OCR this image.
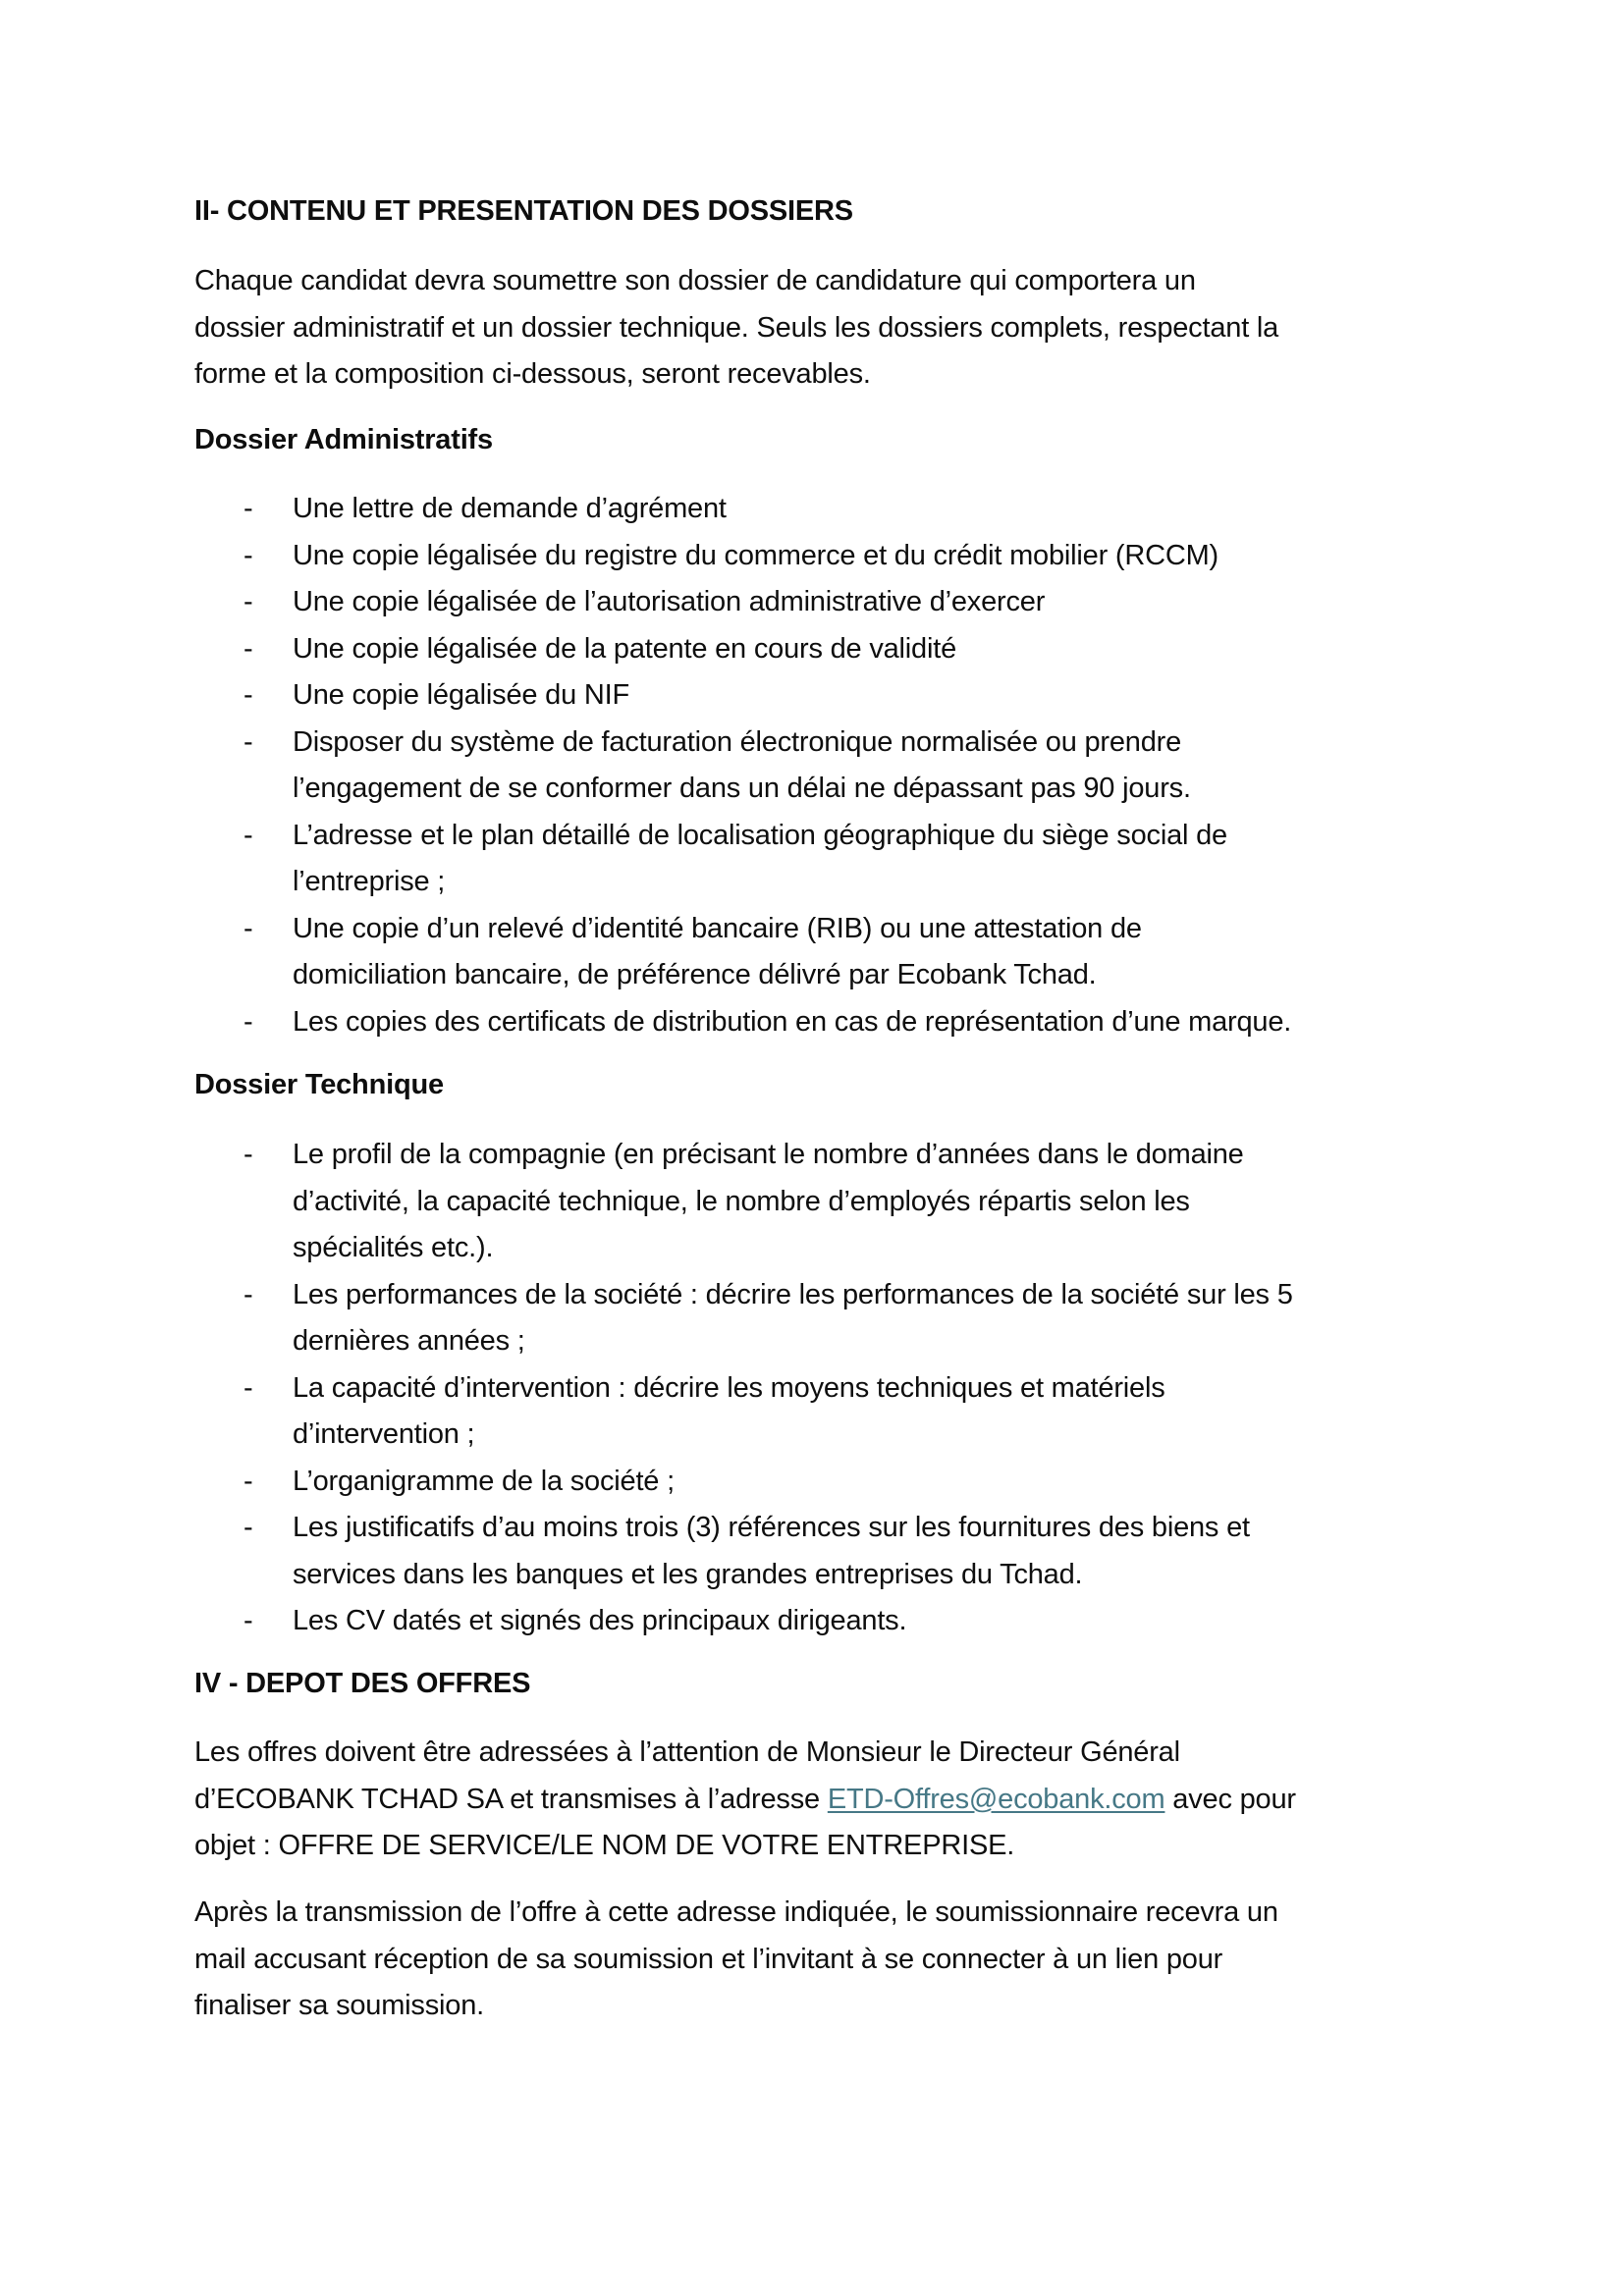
II- CONTENU ET PRESENTATION DES DOSSIERS
Chaque candidat devra soumettre son dossier de candidature qui comportera un
dossier administratif et un dossier technique. Seuls les dossiers complets, respectant la
forme et la composition ci-dessous, seront recevables.
Dossier Administratifs
- Une lettre de demande d’agrément
- Une copie légalisée du registre du commerce et du crédit mobilier (RCCM)
- Une copie légalisée de l’autorisation administrative d’exercer
- Une copie légalisée de la patente en cours de validité
- Une copie légalisée du NIF
- Disposer du système de facturation électronique normalisée ou prendre
l’engagement de se conformer dans un délai ne dépassant pas 90 jours.
- L’adresse et le plan détaillé de localisation géographique du siège social de
l’entreprise ;
- Une copie d’un relevé d’identité bancaire (RIB) ou une attestation de
domiciliation bancaire, de préférence délivré par Ecobank Tchad.
- Les copies des certificats de distribution en cas de représentation d’une marque.
Dossier Technique
- Le profil de la compagnie (en précisant le nombre d’années dans le domaine
d’activité, la capacité technique, le nombre d’employés répartis selon les
spécialités etc.).
- Les performances de la société : décrire les performances de la société sur les 5
dernières années ;
- La capacité d’intervention : décrire les moyens techniques et matériels
d’intervention ;
- L’organigramme de la société ;
- Les justificatifs d’au moins trois (3) références sur les fournitures des biens et
services dans les banques et les grandes entreprises du Tchad.
- Les CV datés et signés des principaux dirigeants.
IV - DEPOT DES OFFRES
Les offres doivent être adressées à l’attention de Monsieur le Directeur Général
d’ECOBANK TCHAD SA et transmises à l’adresse ETD-Offres@ecobank.com avec pour
objet : OFFRE DE SERVICE/LE NOM DE VOTRE ENTREPRISE.
Après la transmission de l’offre à cette adresse indiquée, le soumissionnaire recevra un
mail accusant réception de sa soumission et l’invitant à se connecter à un lien pour
finaliser sa soumission.
